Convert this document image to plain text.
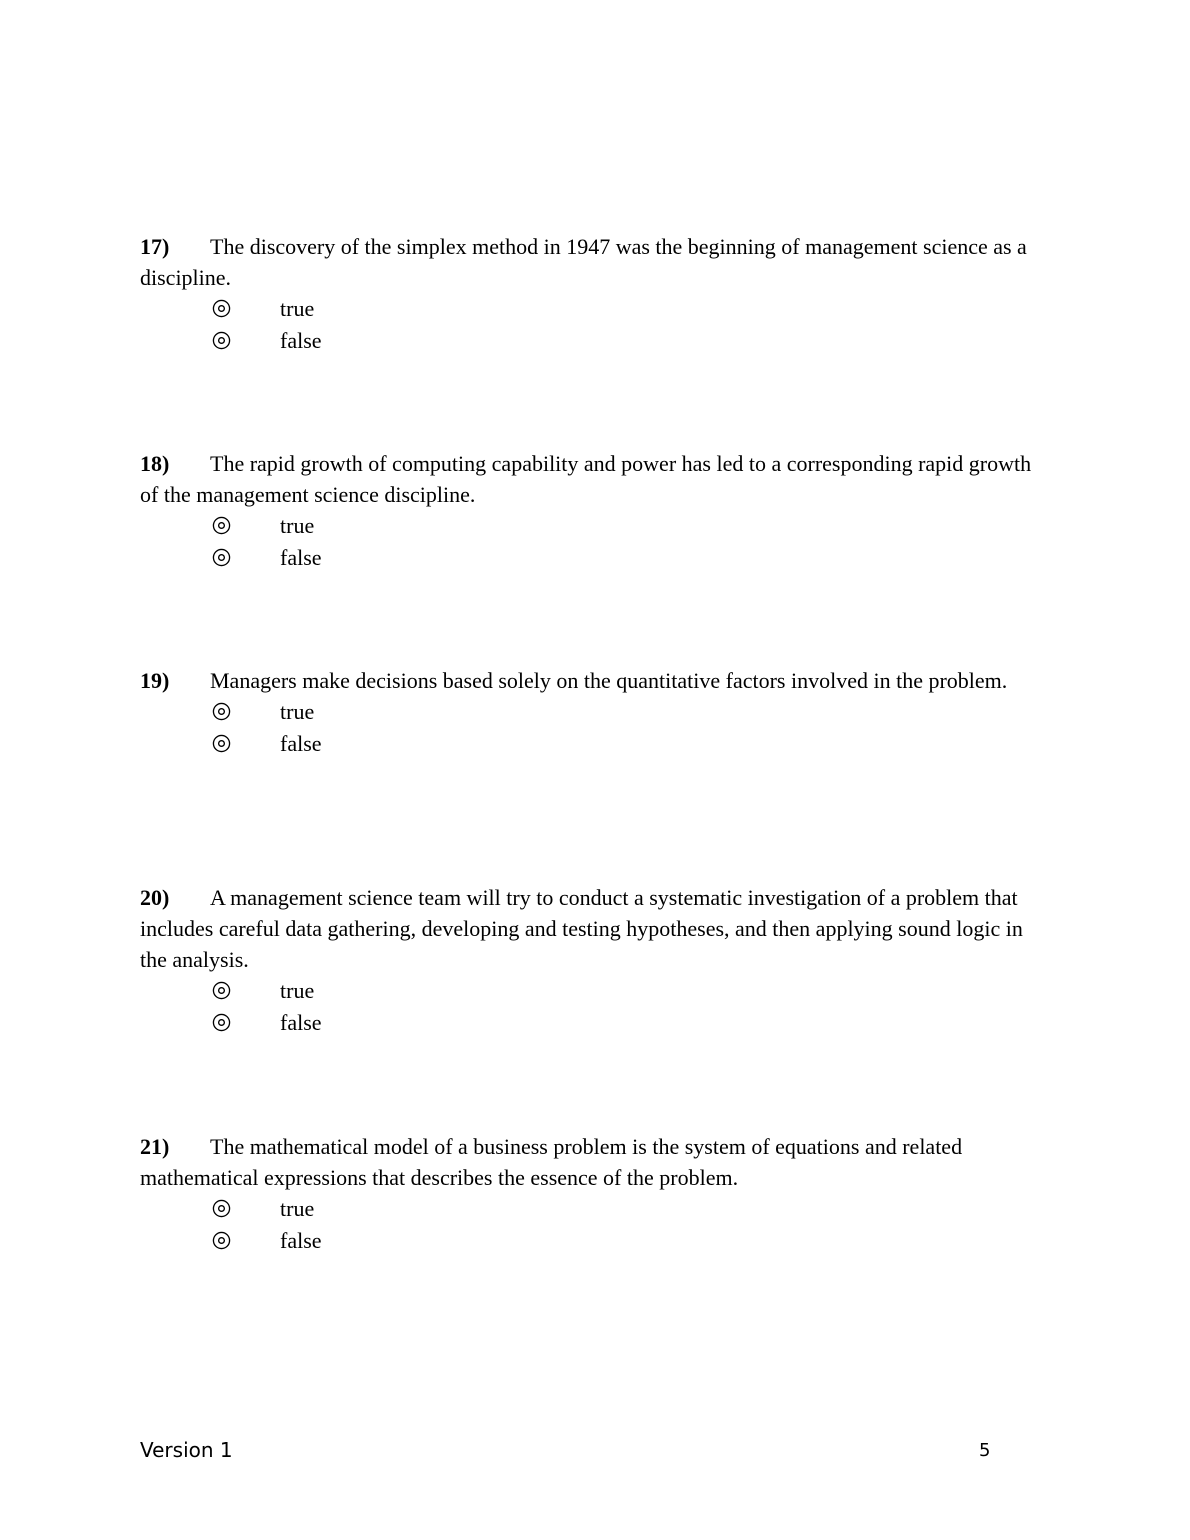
17) The discovery of the simplex method in 1947 was the beginning of management science as a discipline.

true
false

18) The rapid growth of computing capability and power has led to a corresponding rapid growth of the management science discipline.

true
false

19) Managers make decisions based solely on the quantitative factors involved in the problem.

true
false

20) A management science team will try to conduct a systematic investigation of a problem that includes careful data gathering, developing and testing hypotheses, and then applying sound logic in the analysis.

true
false

21) The mathematical model of a business problem is the system of equations and related mathematical expressions that describes the essence of the problem.

true
false
Version 1	5
